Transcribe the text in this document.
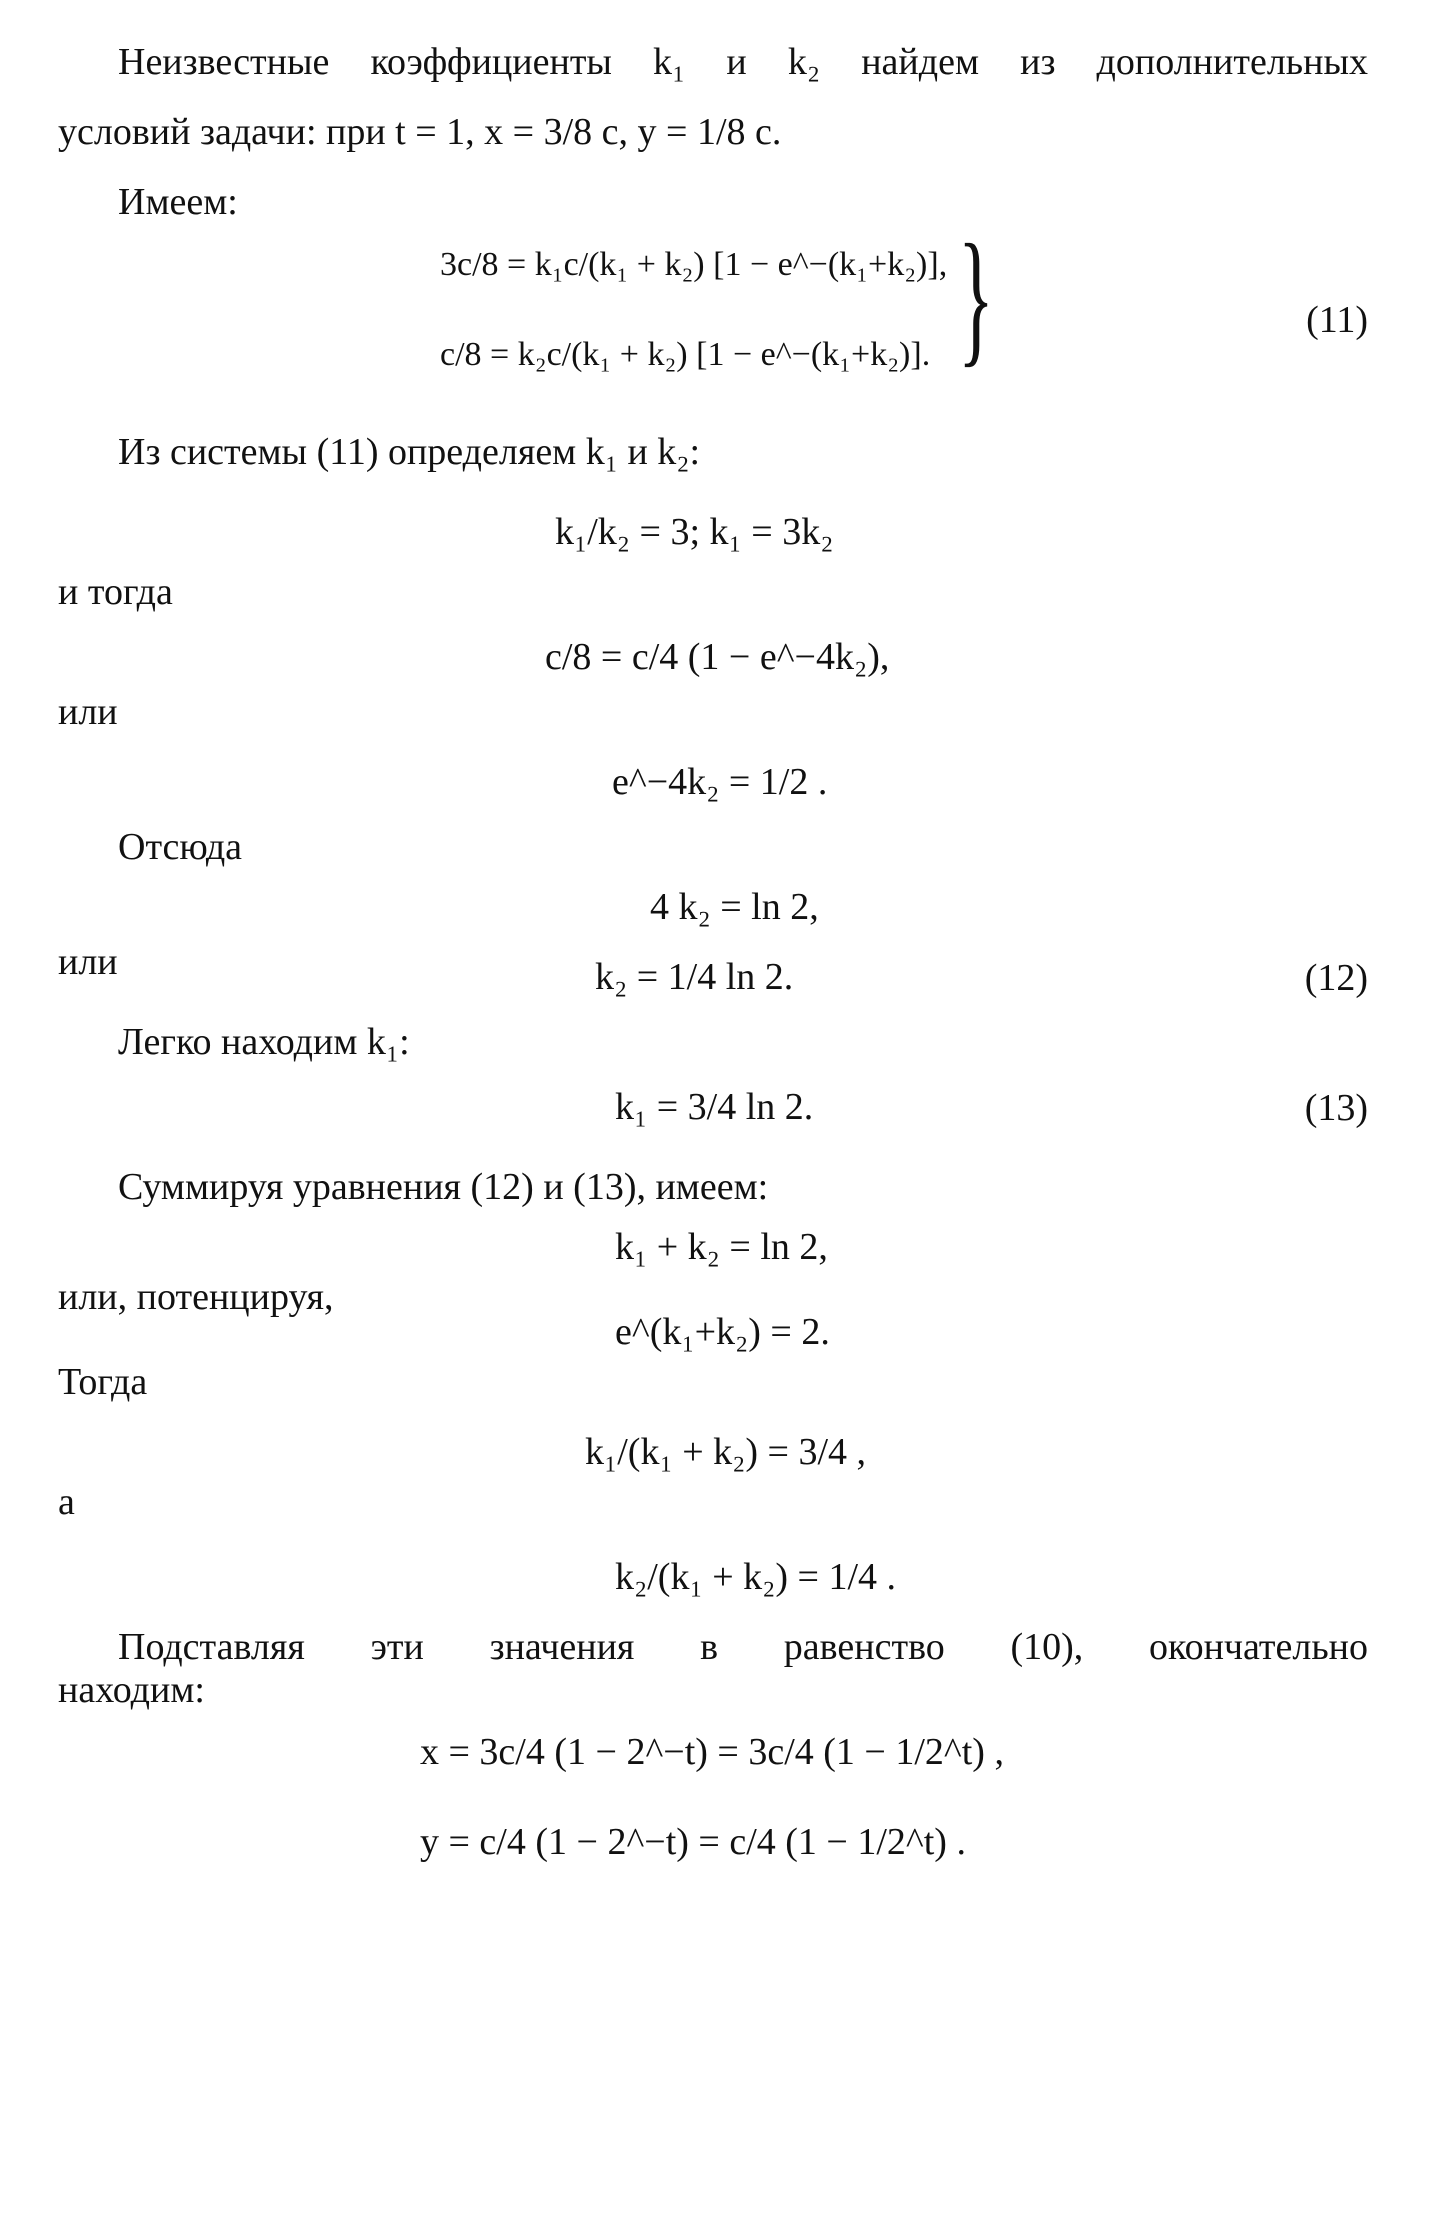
Неизвестные коэффициенты k₁ и k₂ найдем из дополнительных
условий задачи: при t = 1, x = 3/8 c, y = 1/8 c.
Имеем:
3c/8 = k₁c/(k₁ + k₂) [1 − e^−(k₁+k₂)],
c/8 = k₂c/(k₁ + k₂) [1 − e^−(k₁+k₂)]. }	(11)
Из системы (11) определяем k₁ и k₂:
k₁/k₂ = 3; k₁ = 3k₂
и тогда
c/8 = c/4 (1 − e^−4k₂),
или
e^−4k₂ = 1/2 .
Отсюда
4 k₂ = ln 2,
или	k₂ = 1/4 ln 2.	(12)
Легко находим k₁:
k₁ = 3/4 ln 2.	(13)
Суммируя уравнения (12) и (13), имеем:
k₁ + k₂ = ln 2,
или, потенцируя,
e^(k₁+k₂) = 2.
Тогда
k₁/(k₁ + k₂) = 3/4 ,
а
k₂/(k₁ + k₂) = 1/4 .
Подставляя эти значения в равенство (10), окончательно
находим:
x = 3c/4 (1 − 2^−t) = 3c/4 (1 − 1/2^t) ,
y = c/4 (1 − 2^−t) = c/4 (1 − 1/2^t) .
